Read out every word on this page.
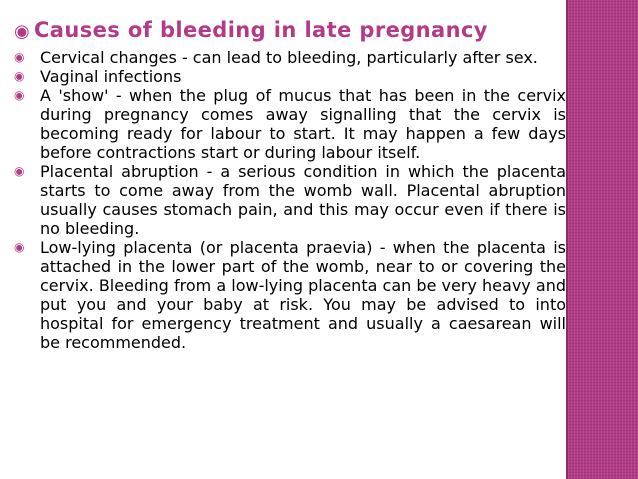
◉ Causes of bleeding in late pregnancy
◉ Cervical changes - can lead to bleeding, particularly after sex.
◉ Vaginal infections
◉ A 'show' - when the plug of mucus that has been in the cervix during pregnancy comes away signalling that the cervix is becoming ready for labour to start. It may happen a few days before contractions start or during labour itself.
◉ Placental abruption - a serious condition in which the placenta starts to come away from the womb wall. Placental abruption usually causes stomach pain, and this may occur even if there is no bleeding.
◉ Low-lying placenta (or placenta praevia) - when the placenta is attached in the lower part of the womb, near to or covering the cervix. Bleeding from a low-lying placenta can be very heavy and put you and your baby at risk. You may be advised to into hospital for emergency treatment and usually a caesarean will be recommended.
